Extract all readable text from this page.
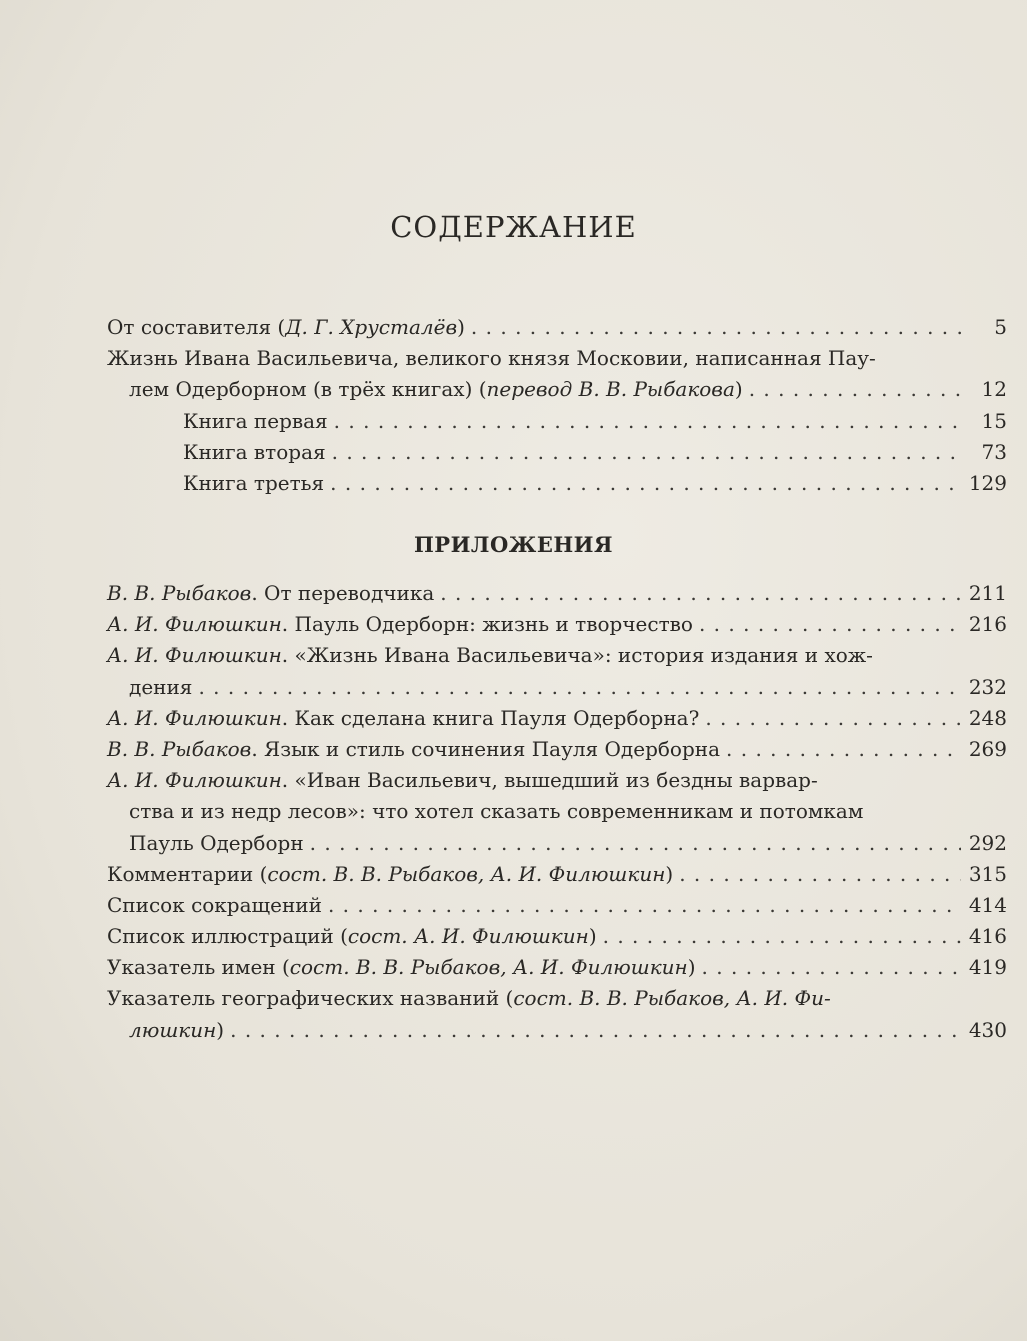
СОДЕРЖАНИЕ
От составителя (Д. Г. Хрусталёв) . . .	5
Жизнь Ивана Васильевича, великого князя Московии, написанная Пау-
лем Одерборном (в трёх книгах) (перевод В. В. Рыбакова) . . .	12
Книга первая . . .	15
Книга вторая . . .	73
Книга третья . . .	129
ПРИЛОЖЕНИЯ
В. В. Рыбаков. От переводчика . . .	211
А. И. Филюшкин. Пауль Одерборн: жизнь и творчество . . .	216
А. И. Филюшкин. «Жизнь Ивана Васильевича»: история издания и хож-
дения . . .	232
А. И. Филюшкин. Как сделана книга Пауля Одерборна? . . .	248
В. В. Рыбаков. Язык и стиль сочинения Пауля Одерборна . . .	269
А. И. Филюшкин. «Иван Васильевич, вышедший из бездны варвар-
ства и из недр лесов»: что хотел сказать современникам и потомкам
Пауль Одерборн . . .	292
Комментарии (сост. В. В. Рыбаков, А. И. Филюшкин) . . .	315
Список сокращений . . .	414
Список иллюстраций (сост. А. И. Филюшкин) . . .	416
Указатель имен (сост. В. В. Рыбаков, А. И. Филюшкин) . . .	419
Указатель географических названий (сост. В. В. Рыбаков, А. И. Фи-
люшкин) . . .	430
